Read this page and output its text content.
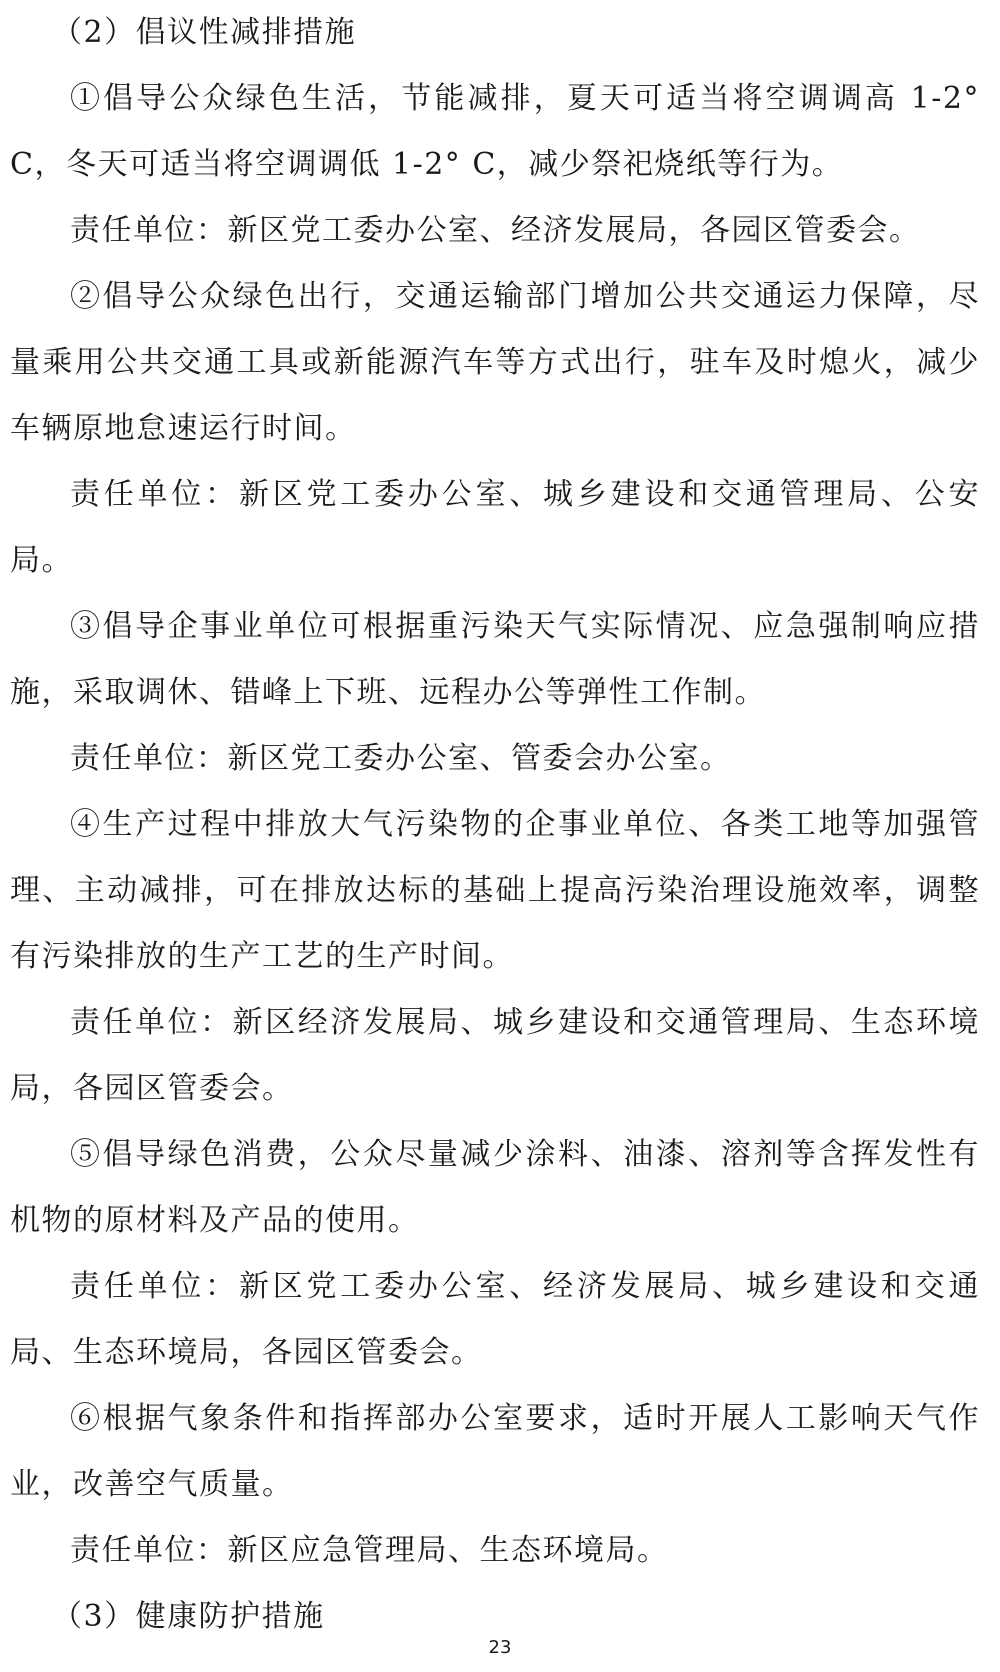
（2）倡议性减排措施

①倡导公众绿色生活，节能减排，夏天可适当将空调调高 1-2° C，冬天可适当将空调调低 1-2° C，减少祭祀烧纸等行为。

责任单位：新区党工委办公室、经济发展局，各园区管委会。

②倡导公众绿色出行，交通运输部门增加公共交通运力保障，尽量乘用公共交通工具或新能源汽车等方式出行，驻车及时熄火，减少车辆原地怠速运行时间。

责任单位：新区党工委办公室、城乡建设和交通管理局、公安局。

③倡导企事业单位可根据重污染天气实际情况、应急强制响应措施，采取调休、错峰上下班、远程办公等弹性工作制。

责任单位：新区党工委办公室、管委会办公室。

④生产过程中排放大气污染物的企事业单位、各类工地等加强管理、主动减排，可在排放达标的基础上提高污染治理设施效率，调整有污染排放的生产工艺的生产时间。

责任单位：新区经济发展局、城乡建设和交通管理局、生态环境局，各园区管委会。

⑤倡导绿色消费，公众尽量减少涂料、油漆、溶剂等含挥发性有机物的原材料及产品的使用。

责任单位：新区党工委办公室、经济发展局、城乡建设和交通局、生态环境局，各园区管委会。

⑥根据气象条件和指挥部办公室要求，适时开展人工影响天气作业，改善空气质量。

责任单位：新区应急管理局、生态环境局。

（3）健康防护措施

23
